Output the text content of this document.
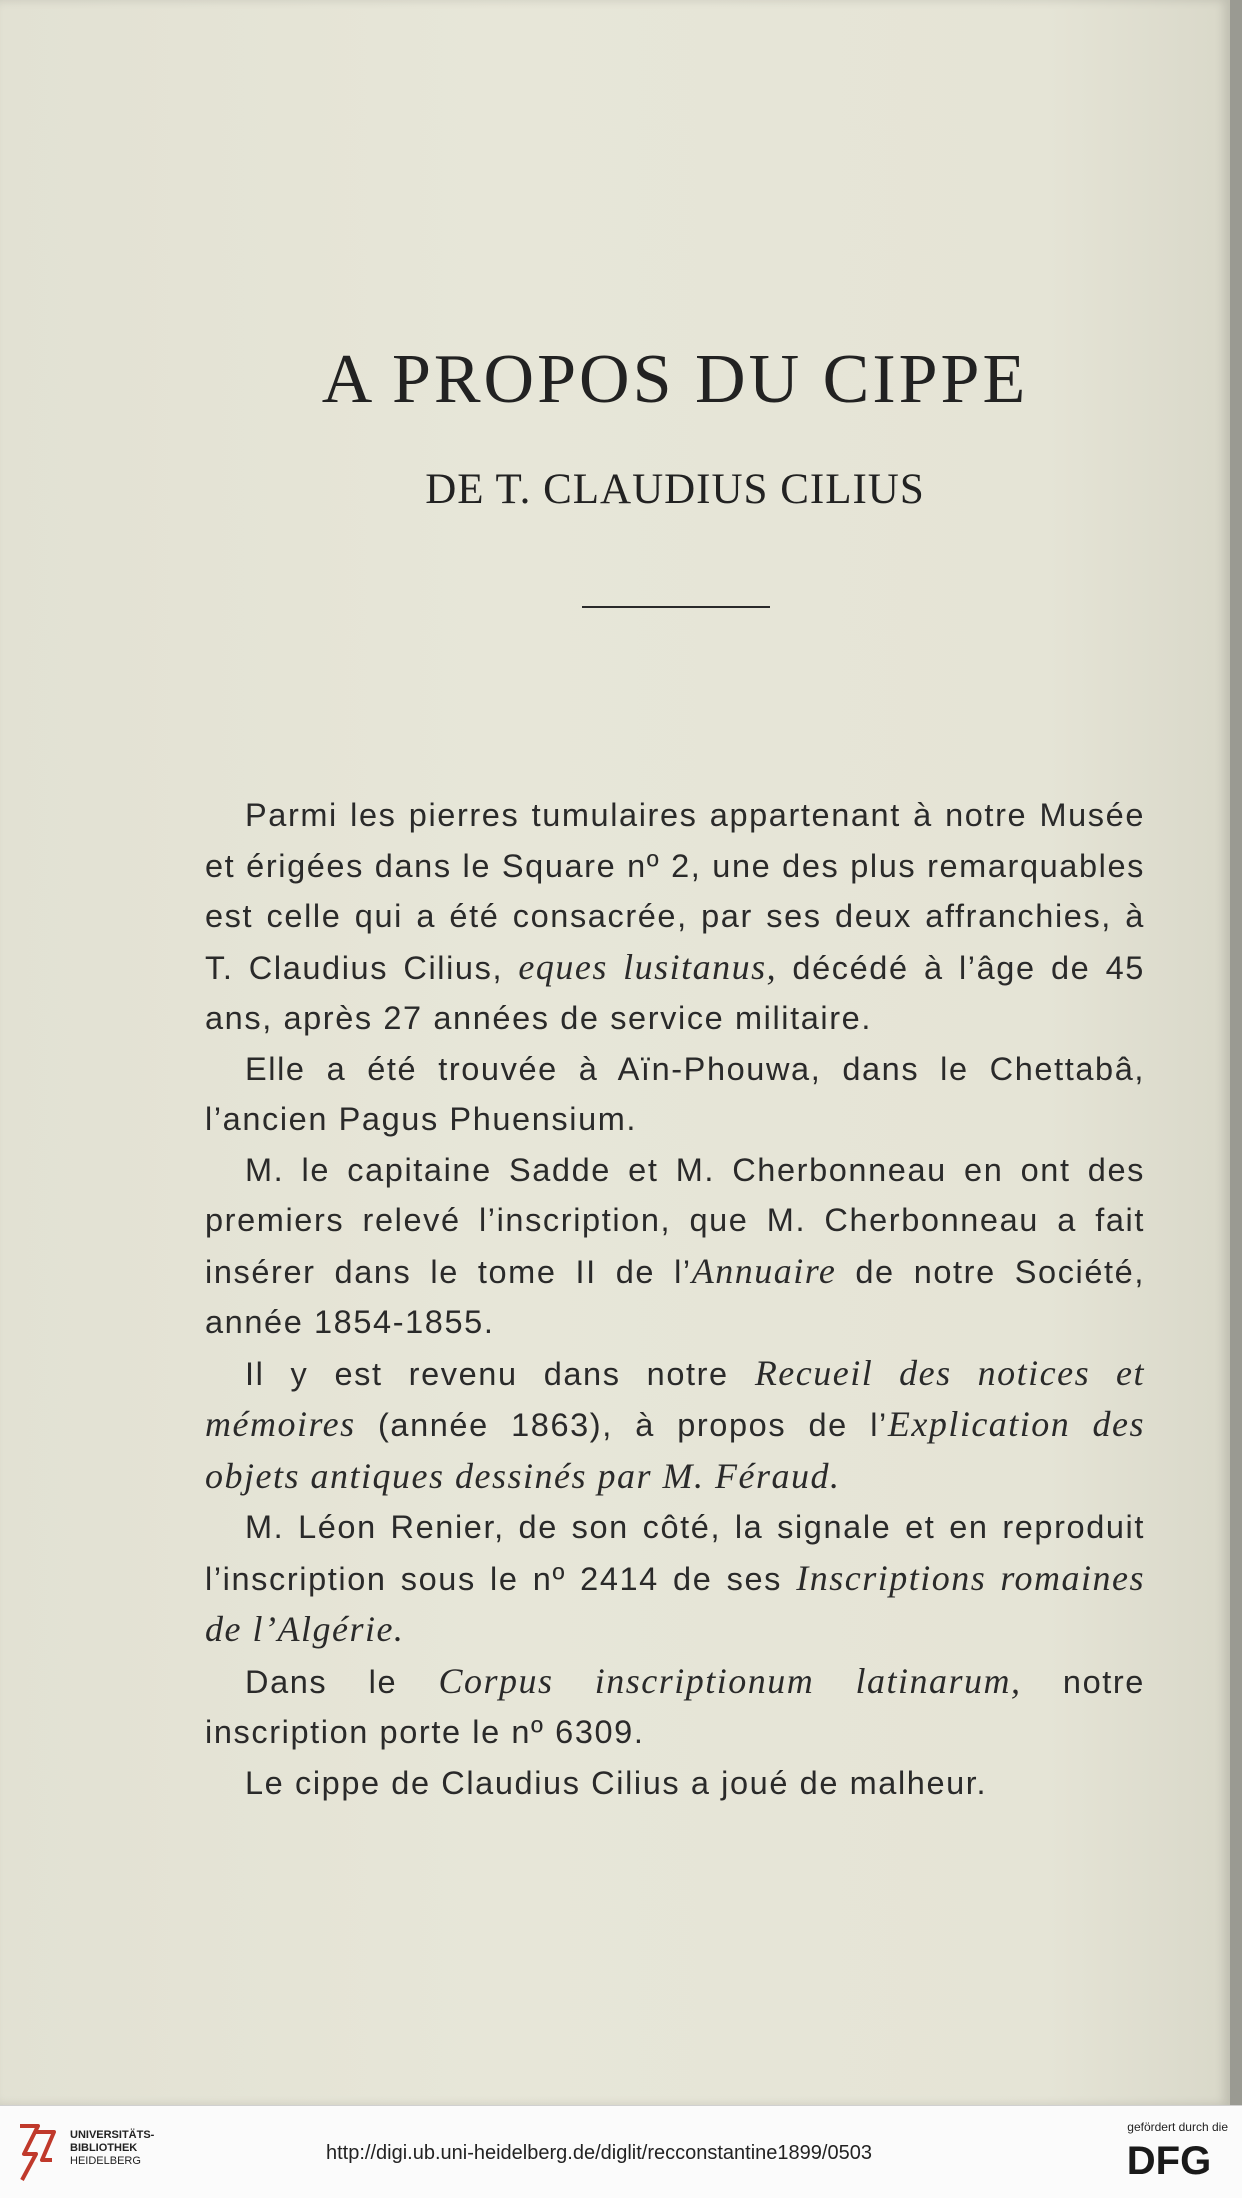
A PROPOS DU CIPPE
DE T. CLAUDIUS CILIUS

Parmi les pierres tumulaires appartenant à notre Musée et érigées dans le Square nº 2, une des plus remarquables est celle qui a été consacrée, par ses deux affranchies, à T. Claudius Cilius, eques lusitanus, décédé à l’âge de 45 ans, après 27 années de service militaire.

Elle a été trouvée à Aïn-Phouwa, dans le Chettabâ, l’ancien Pagus Phuensium.

M. le capitaine Sadde et M. Cherbonneau en ont des premiers relevé l’inscription, que M. Cherbonneau a fait insérer dans le tome II de l’Annuaire de notre Société, année 1854-1855.

Il y est revenu dans notre Recueil des notices et mémoires (année 1863), à propos de l’Explication des objets antiques dessinés par M. Féraud.

M. Léon Renier, de son côté, la signale et en reproduit l’inscription sous le nº 2414 de ses Inscriptions romaines de l’Algérie.

Dans le Corpus inscriptionum latinarum, notre inscription porte le nº 6309.

Le cippe de Claudius Cilius a joué de malheur.

UNIVERSITÄTS-
BIBLIOTHEK
HEIDELBERG	http://digi.ub.uni-heidelberg.de/diglit/recconstantine1899/0503
gefördert durch die
DFG
